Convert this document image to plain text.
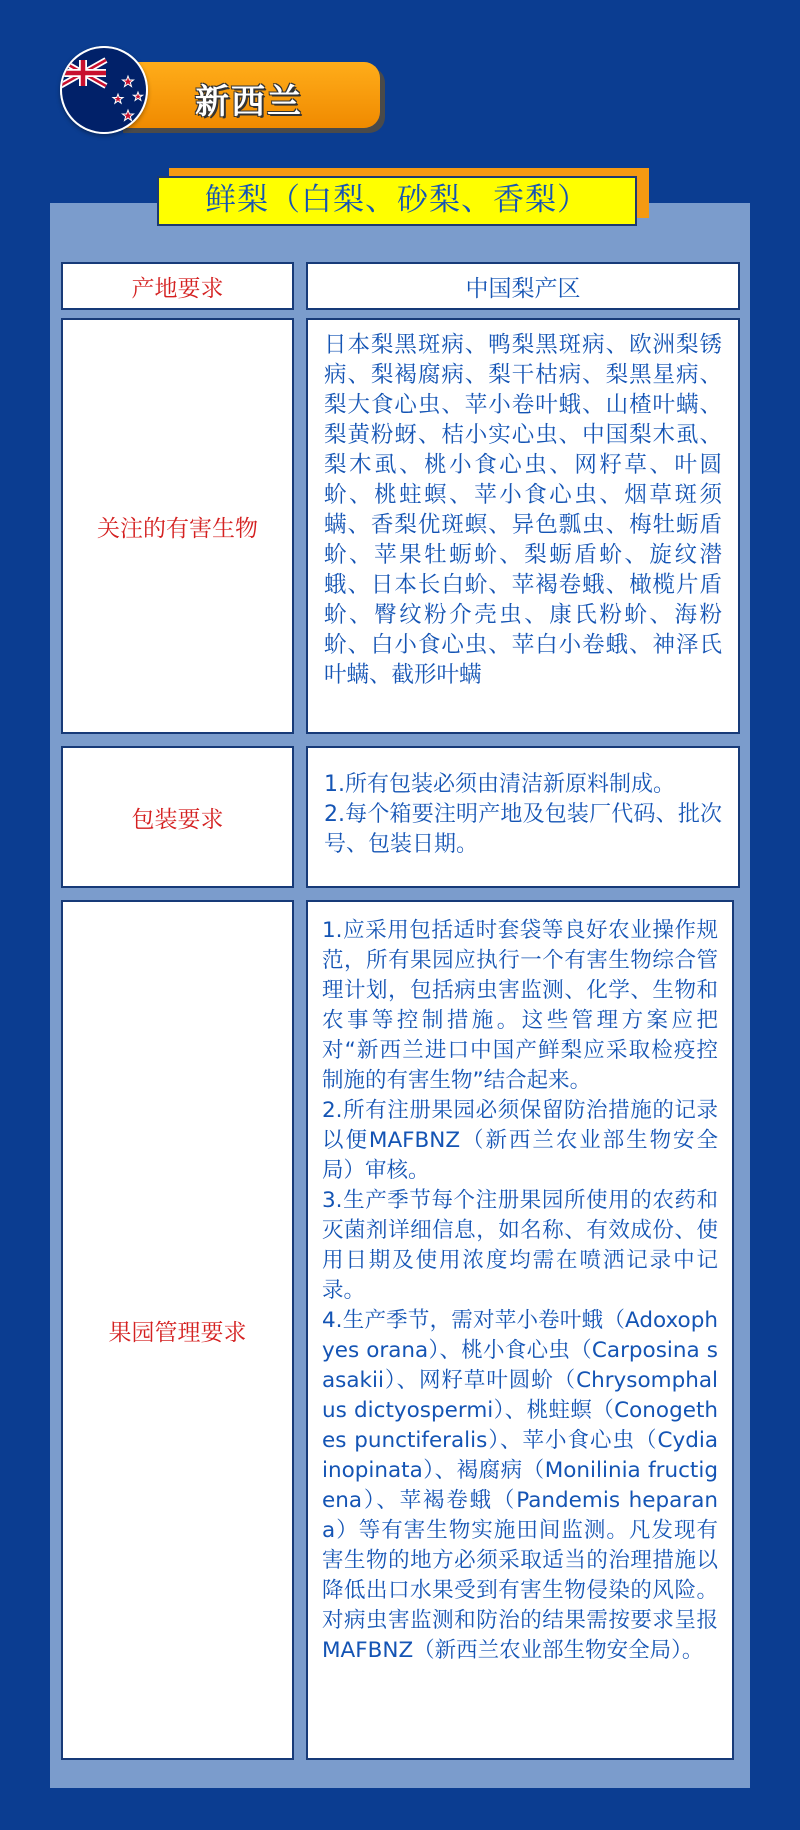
新西兰
鲜梨（白梨、砂梨、香梨）
产地要求	中国梨产区
关注的有害生物

日本梨黑斑病、鸭梨黑斑病、欧洲梨锈病、梨褐腐病、梨干枯病、梨黑星病、梨大食心虫、苹小卷叶蛾、山楂叶螨、梨黄粉蚜、桔小实心虫、中国梨木虱、梨木虱、桃小食心虫、网籽草、叶圆蚧、桃蛀螟、苹小食心虫、烟草斑须螨、香梨优斑螟、异色瓢虫、梅牡蛎盾蚧、苹果牡蛎蚧、梨蛎盾蚧、旋纹潜蛾、日本长白蚧、苹褐卷蛾、橄榄片盾蚧、臀纹粉介壳虫、康氏粉蚧、海粉蚧、白小食心虫、苹白小卷蛾、神泽氏叶螨、截形叶螨

包装要求

1.所有包装必须由清洁新原料制成。

2.每个箱要注明产地及包装厂代码、批次号、包装日期。

果园管理要求

1.应采用包括适时套袋等良好农业操作规范，所有果园应执行一个有害生物综合管理计划，包括病虫害监测、化学、生物和农事等控制措施。这些管理方案应把对“新西兰进口中国产鲜梨应采取检疫控制施的有害生物”结合起来。

2.所有注册果园必须保留防治措施的记录以便MAFBNZ（新西兰农业部生物安全局）审核。

3.生产季节每个注册果园所使用的农药和灭菌剂详细信息，如名称、有效成份、使用日期及使用浓度均需在喷洒记录中记录。

4.生产季节，需对苹小卷叶蛾（Adoxophyes orana）、桃小食心虫（Carposina sasakii）、网籽草叶圆蚧（Chrysomphalus dictyospermi）、桃蛀螟（Conogethes punctiferalis）、苹小食心虫（Cydia inopinata）、褐腐病（Monilinia fructigena）、苹褐卷蛾（Pandemis heparana）等有害生物实施田间监测。凡发现有害生物的地方必须采取适当的治理措施以降低出口水果受到有害生物侵染的风险。对病虫害监测和防治的结果需按要求呈报MAFBNZ（新西兰农业部生物安全局）。
